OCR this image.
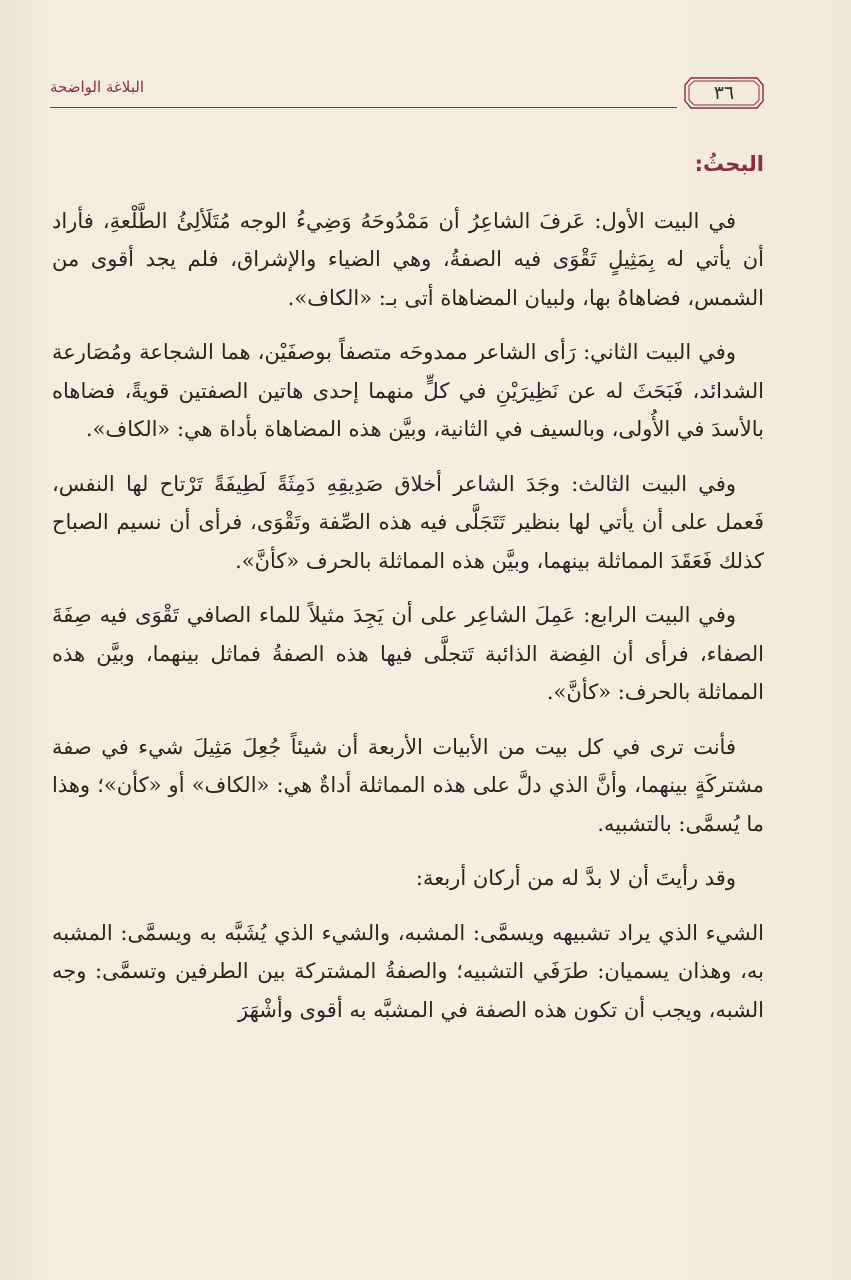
البلاغة الواضحة	٣٦
البحثُ:

في البيت الأول: عَرفَ الشاعِرُ أن مَمْدُوحَهُ وَضِيءُ الوجه مُتَلَألِئُ الطَّلْعةِ، فأراد أن يأتي له بِمَثِيلٍ تَقْوَى فيه الصفةُ، وهي الضياء والإشراق، فلم يجد أقوى من الشمس، فضاهاهُ بها، ولبيان المضاهاة أتى بـ: «الكاف».

وفي البيت الثاني: رَأى الشاعر ممدوحَه متصفاً بوصفَيْن، هما الشجاعة ومُصَارعة الشدائد، فَبَحَثَ له عن نَظِيرَيْنِ في كلٍّ منهما إحدى هاتين الصفتين قويةً، فضاهاه بالأسدَ في الأُولى، وبالسيف في الثانية، وبيَّن هذه المضاهاة بأداة هي: «الكاف».

وفي البيت الثالث: وجَدَ الشاعر أخلاق صَدِيقِهِ دَمِثَةً لَطِيفَةً تَرْتاح لها النفس، فَعمل على أن يأتي لها بنظير تَتَجَلَّى فيه هذه الصِّفة وتَقْوَى، فرأى أن نسيم الصباح كذلك فَعَقَدَ المماثلة بينهما، وبيَّن هذه المماثلة بالحرف «كأنَّ».

وفي البيت الرابع: عَمِلَ الشاعِر على أن يَجِدَ مثيلاً للماء الصافي تَقْوَى فيه صِفَةَ الصفاء، فرأى أن الفِضة الذائبة تَتجلَّى فيها هذه الصفةُ فماثل بينهما، وبيَّن هذه المماثلة بالحرف: «كأنَّ».

فأنت ترى في كل بيت من الأبيات الأربعة أن شيئاً جُعِلَ مَثِيلَ شيء في صفة مشتركَةٍ بينهما، وأنَّ الذي دلَّ على هذه المماثلة أداةٌ هي: «الكاف» أو «كأن»؛ وهذا ما يُسمَّى: بالتشبيه.

وقد رأيتَ أن لا بدَّ له من أركان أربعة:

الشيء الذي يراد تشبيهه ويسمَّى: المشبه، والشيء الذي يُشَبَّه به ويسمَّى: المشبه به، وهذان يسميان: طرَفَي التشبيه؛ والصفةُ المشتركة بين الطرفين وتسمَّى: وجه الشبه، ويجب أن تكون هذه الصفة في المشبَّه به أقوى وأشْهَرَ
